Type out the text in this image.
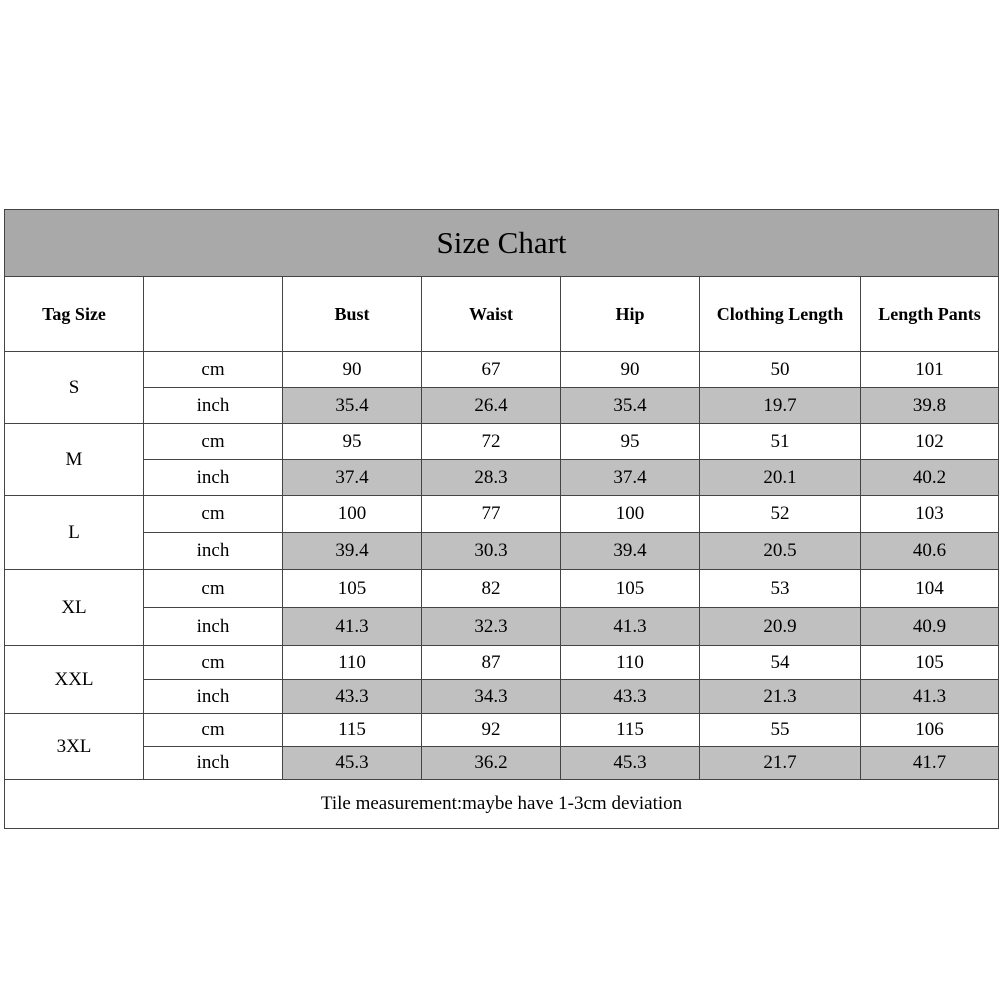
Size Chart						
Tag Size		Bust	Waist	Hip	Clothing Length	Length Pants
S	cm	90	67	90	50	101
	inch	35.4	26.4	35.4	19.7	39.8
M	cm	95	72	95	51	102
	inch	37.4	28.3	37.4	20.1	40.2
L	cm	100	77	100	52	103
	inch	39.4	30.3	39.4	20.5	40.6
XL	cm	105	82	105	53	104
	inch	41.3	32.3	41.3	20.9	40.9
XXL	cm	110	87	110	54	105
	inch	43.3	34.3	43.3	21.3	41.3
3XL	cm	115	92	115	55	106
	inch	45.3	36.2	45.3	21.7	41.7
Tile measurement:maybe have 1-3cm deviation						
